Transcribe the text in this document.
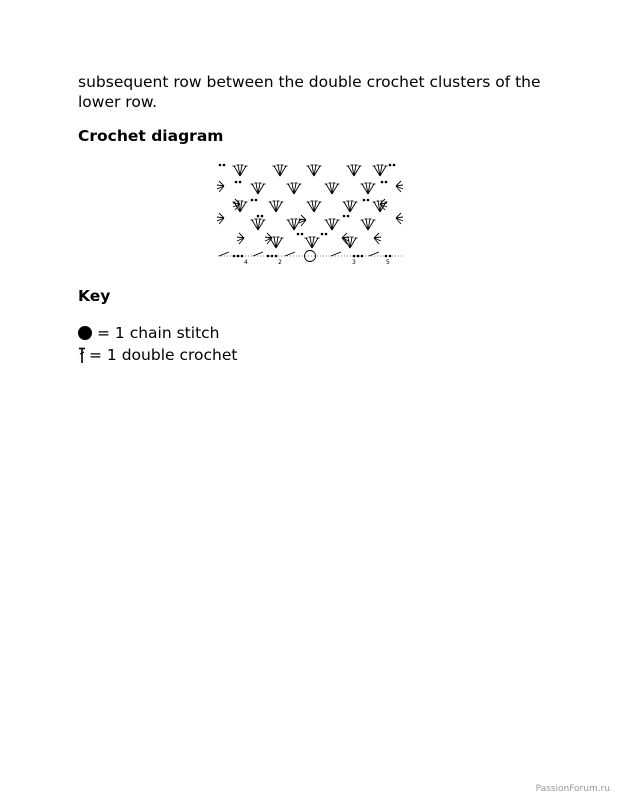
subsequent row between the double crochet clusters of the lower row.

Crochet diagram
4	2	3	5
Key
= 1 chain stitch
= 1 double crochet
PassionForum.ru
